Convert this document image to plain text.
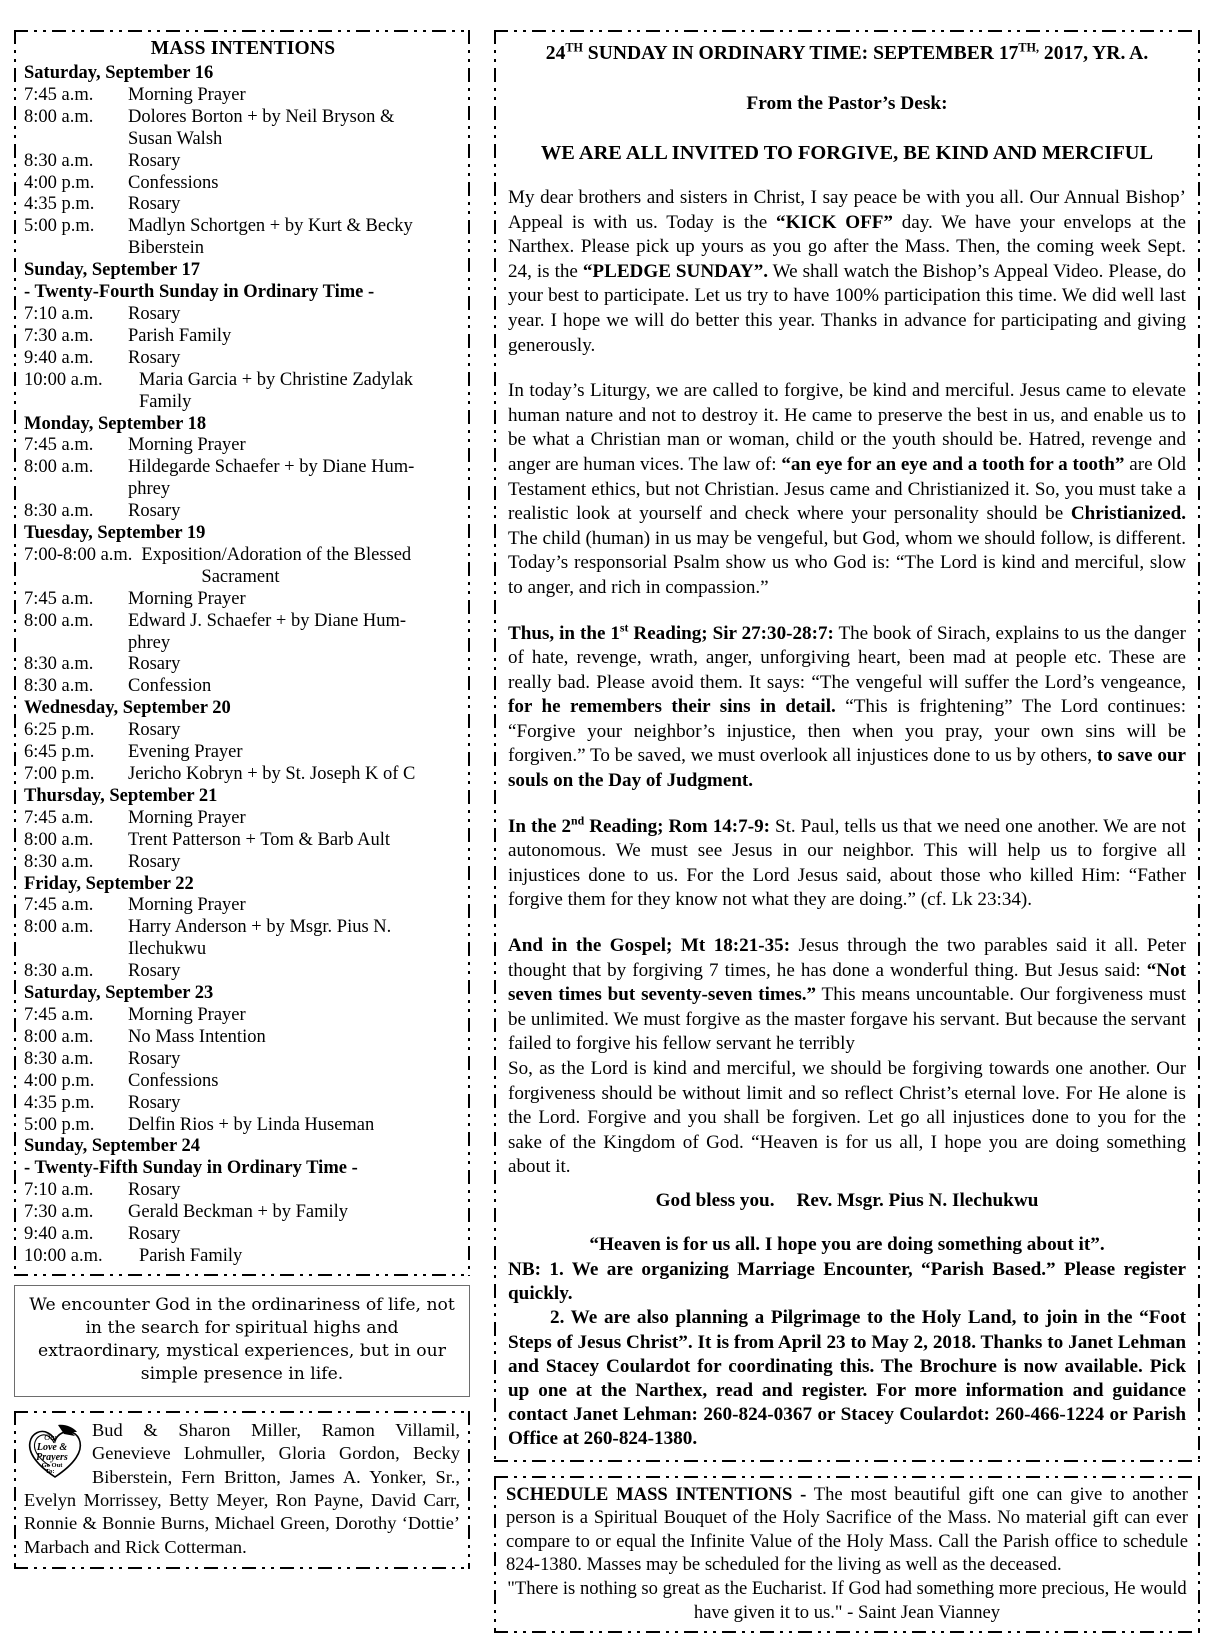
MASS INTENTIONS
Saturday, September 16
7:45 a.m.	Morning Prayer
8:00 a.m.	Dolores Borton + by Neil Bryson &
Susan Walsh
8:30 a.m.	Rosary
4:00 p.m.	Confessions
4:35 p.m.	Rosary
5:00 p.m.	Madlyn Schortgen + by Kurt & Becky
Biberstein
Sunday, September 17
- Twenty-Fourth Sunday in Ordinary Time -
7:10 a.m.	Rosary
7:30 a.m.	Parish Family
9:40 a.m.	Rosary
10:00 a.m.	Maria Garcia + by Christine Zadylak
Family
Monday, September 18
7:45 a.m.	Morning Prayer
8:00 a.m.	Hildegarde Schaefer + by Diane Hum-
phrey
8:30 a.m.	Rosary
Tuesday, September 19
7:00-8:00 a.m. Exposition/Adoration of the Blessed
Sacrament
7:45 a.m.	Morning Prayer
8:00 a.m.	Edward J. Schaefer + by Diane Hum-
phrey
8:30 a.m.	Rosary
8:30 a.m.	Confession
Wednesday, September 20
6:25 p.m.	Rosary
6:45 p.m.	Evening Prayer
7:00 p.m.	Jericho Kobryn + by St. Joseph K of C
Thursday, September 21
7:45 a.m.	Morning Prayer
8:00 a.m.	Trent Patterson + Tom & Barb Ault
8:30 a.m.	Rosary
Friday, September 22
7:45 a.m.	Morning Prayer
8:00 a.m.	Harry Anderson + by Msgr. Pius N.
Ilechukwu
8:30 a.m.	Rosary
Saturday, September 23
7:45 a.m.	Morning Prayer
8:00 a.m.	No Mass Intention
8:30 a.m.	Rosary
4:00 p.m.	Confessions
4:35 p.m.	Rosary
5:00 p.m.	Delfin Rios + by Linda Huseman
Sunday, September 24
- Twenty-Fifth Sunday in Ordinary Time -
7:10 a.m.	Rosary
7:30 a.m.	Gerald Beckman + by Family
9:40 a.m.	Rosary
10:00 a.m.	Parish Family
We encounter God in the ordinariness of life, not in the search for spiritual highs and extraordinary, mystical experiences, but in our simple presence in life.
Our
Love &
Prayers
Go Out
To:
Bud & Sharon Miller, Ramon Villamil, Genevieve Lohmuller, Gloria Gordon, Becky Biberstein, Fern Britton, James A. Yonker, Sr., Evelyn Morrissey, Betty Meyer, Ron Payne, David Carr, Ronnie & Bonnie Burns, Michael Green, Dorothy ‘Dottie’ Marbach and Rick Cotterman.
24TH SUNDAY IN ORDINARY TIME: SEPTEMBER $17^{TH,}$ 2017, YR. A.
From the Pastor’s Desk:
WE ARE ALL INVITED TO FORGIVE, BE KIND AND MERCIFUL

My dear brothers and sisters in Christ, I say peace be with you all. Our Annual Bishop’ Appeal is with us. Today is the “KICK OFF” day. We have your envelops at the Narthex. Please pick up yours as you go after the Mass. Then, the coming week Sept. 24, is the “PLEDGE SUNDAY”. We shall watch the Bishop’s Appeal Video. Please, do your best to participate. Let us try to have 100% participation this time. We did well last year. I hope we will do better this year. Thanks in advance for participating and giving generously.

In today’s Liturgy, we are called to forgive, be kind and merciful. Jesus came to elevate human nature and not to destroy it. He came to preserve the best in us, and enable us to be what a Christian man or woman, child or the youth should be. Hatred, revenge and anger are human vices. The law of: “an eye for an eye and a tooth for a tooth” are Old Testament ethics, but not Christian. Jesus came and Christianized it. So, you must take a realistic look at yourself and check where your personality should be Christianized. The child (human) in us may be vengeful, but God, whom we should follow, is different. Today’s responsorial Psalm show us who God is: “The Lord is kind and merciful, slow to anger, and rich in compassion.”

Thus, in the 1st Reading; Sir 27:30-28:7: The book of Sirach, explains to us the danger of hate, revenge, wrath, anger, unforgiving heart, been mad at people etc. These are really bad. Please avoid them. It says: “The vengeful will suffer the Lord’s vengeance, for he remembers their sins in detail. “This is frightening” The Lord continues: “Forgive your neighbor’s injustice, then when you pray, your own sins will be forgiven.” To be saved, we must overlook all injustices done to us by others, to save our souls on the Day of Judgment.

In the 2nd Reading; Rom 14:7-9: St. Paul, tells us that we need one another. We are not autonomous. We must see Jesus in our neighbor. This will help us to forgive all injustices done to us. For the Lord Jesus said, about those who killed Him: “Father forgive them for they know not what they are doing.” (cf. Lk 23:34).

And in the Gospel; Mt 18:21-35: Jesus through the two parables said it all. Peter thought that by forgiving 7 times, he has done a wonderful thing. But Jesus said: “Not seven times but seventy-seven times.” This means uncountable. Our forgiveness must be unlimited. We must forgive as the master forgave his servant. But because the servant failed to forgive his fellow servant he terribly

So, as the Lord is kind and merciful, we should be forgiving towards one another. Our forgiveness should be without limit and so reflect Christ’s eternal love. For He alone is the Lord. Forgive and you shall be forgiven. Let go all injustices done to you for the sake of the Kingdom of God. “Heaven is for us all, I hope you are doing something about it.

God bless you. Rev. Msgr. Pius N. Ilechukwu
“Heaven is for us all. I hope you are doing something about it”.
NB: 1. We are organizing Marriage Encounter, “Parish Based.” Please register quickly.
2. We are also planning a Pilgrimage to the Holy Land, to join in the “Foot Steps of Jesus Christ”. It is from April 23 to May 2, 2018. Thanks to Janet Lehman and Stacey Coulardot for coordinating this. The Brochure is now available. Pick up one at the Narthex, read and register. For more information and guidance contact Janet Lehman: 260-824-0367 or Stacey Coulardot: 260-466-1224 or Parish Office at 260-824-1380.
SCHEDULE MASS INTENTIONS - The most beautiful gift one can give to another person is a Spiritual Bouquet of the Holy Sacrifice of the Mass. No material gift can ever compare to or equal the Infinite Value of the Holy Mass. Call the Parish office to schedule 824-1380. Masses may be scheduled for the living as well as the deceased.
"There is nothing so great as the Eucharist. If God had something more precious, He would have given it to us." - Saint Jean Vianney
